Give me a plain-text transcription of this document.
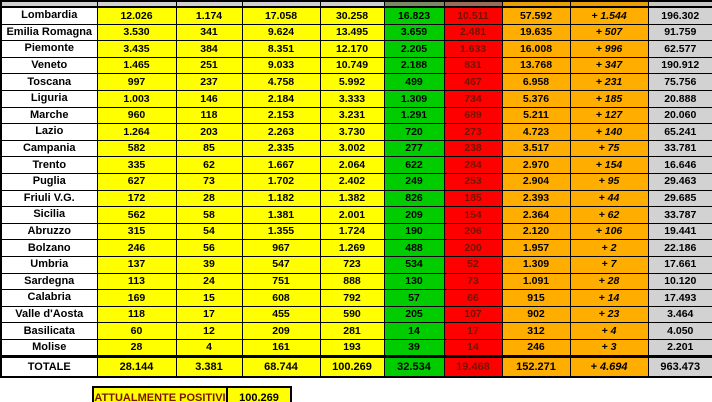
Lombardia	12.026	1.174	17.058	30.258	16.823	10.511	57.592	+ 1.544	196.302
Emilia Romagna	3.530	341	9.624	13.495	3.659	2.481	19.635	+ 507	91.759
Piemonte	3.435	384	8.351	12.170	2.205	1.633	16.008	+ 996	62.577
Veneto	1.465	251	9.033	10.749	2.188	831	13.768	+ 347	190.912
Toscana	997	237	4.758	5.992	499	467	6.958	+ 231	75.756
Liguria	1.003	146	2.184	3.333	1.309	734	5.376	+ 185	20.888
Marche	960	118	2.153	3.231	1.291	689	5.211	+ 127	20.060
Lazio	1.264	203	2.263	3.730	720	273	4.723	+ 140	65.241
Campania	582	85	2.335	3.002	277	238	3.517	+ 75	33.781
Trento	335	62	1.667	2.064	622	284	2.970	+ 154	16.646
Puglia	627	73	1.702	2.402	249	253	2.904	+ 95	29.463
Friuli V.G.	172	28	1.182	1.382	826	185	2.393	+ 44	29.685
Sicilia	562	58	1.381	2.001	209	154	2.364	+ 62	33.787
Abruzzo	315	54	1.355	1.724	190	206	2.120	+ 106	19.441
Bolzano	246	56	967	1.269	488	200	1.957	+ 2	22.186
Umbria	137	39	547	723	534	52	1.309	+ 7	17.661
Sardegna	113	24	751	888	130	73	1.091	+ 28	10.120
Calabria	169	15	608	792	57	66	915	+ 14	17.493
Valle d'Aosta	118	17	455	590	205	107	902	+ 23	3.464
Basilicata	60	12	209	281	14	17	312	+ 4	4.050
Molise	28	4	161	193	39	14	246	+ 3	2.201
TOTALE	28.144	3.381	68.744	100.269	32.534	19.468	152.271	+ 4.694	963.473
ATTUALMENTE POSITIVI	100.269
